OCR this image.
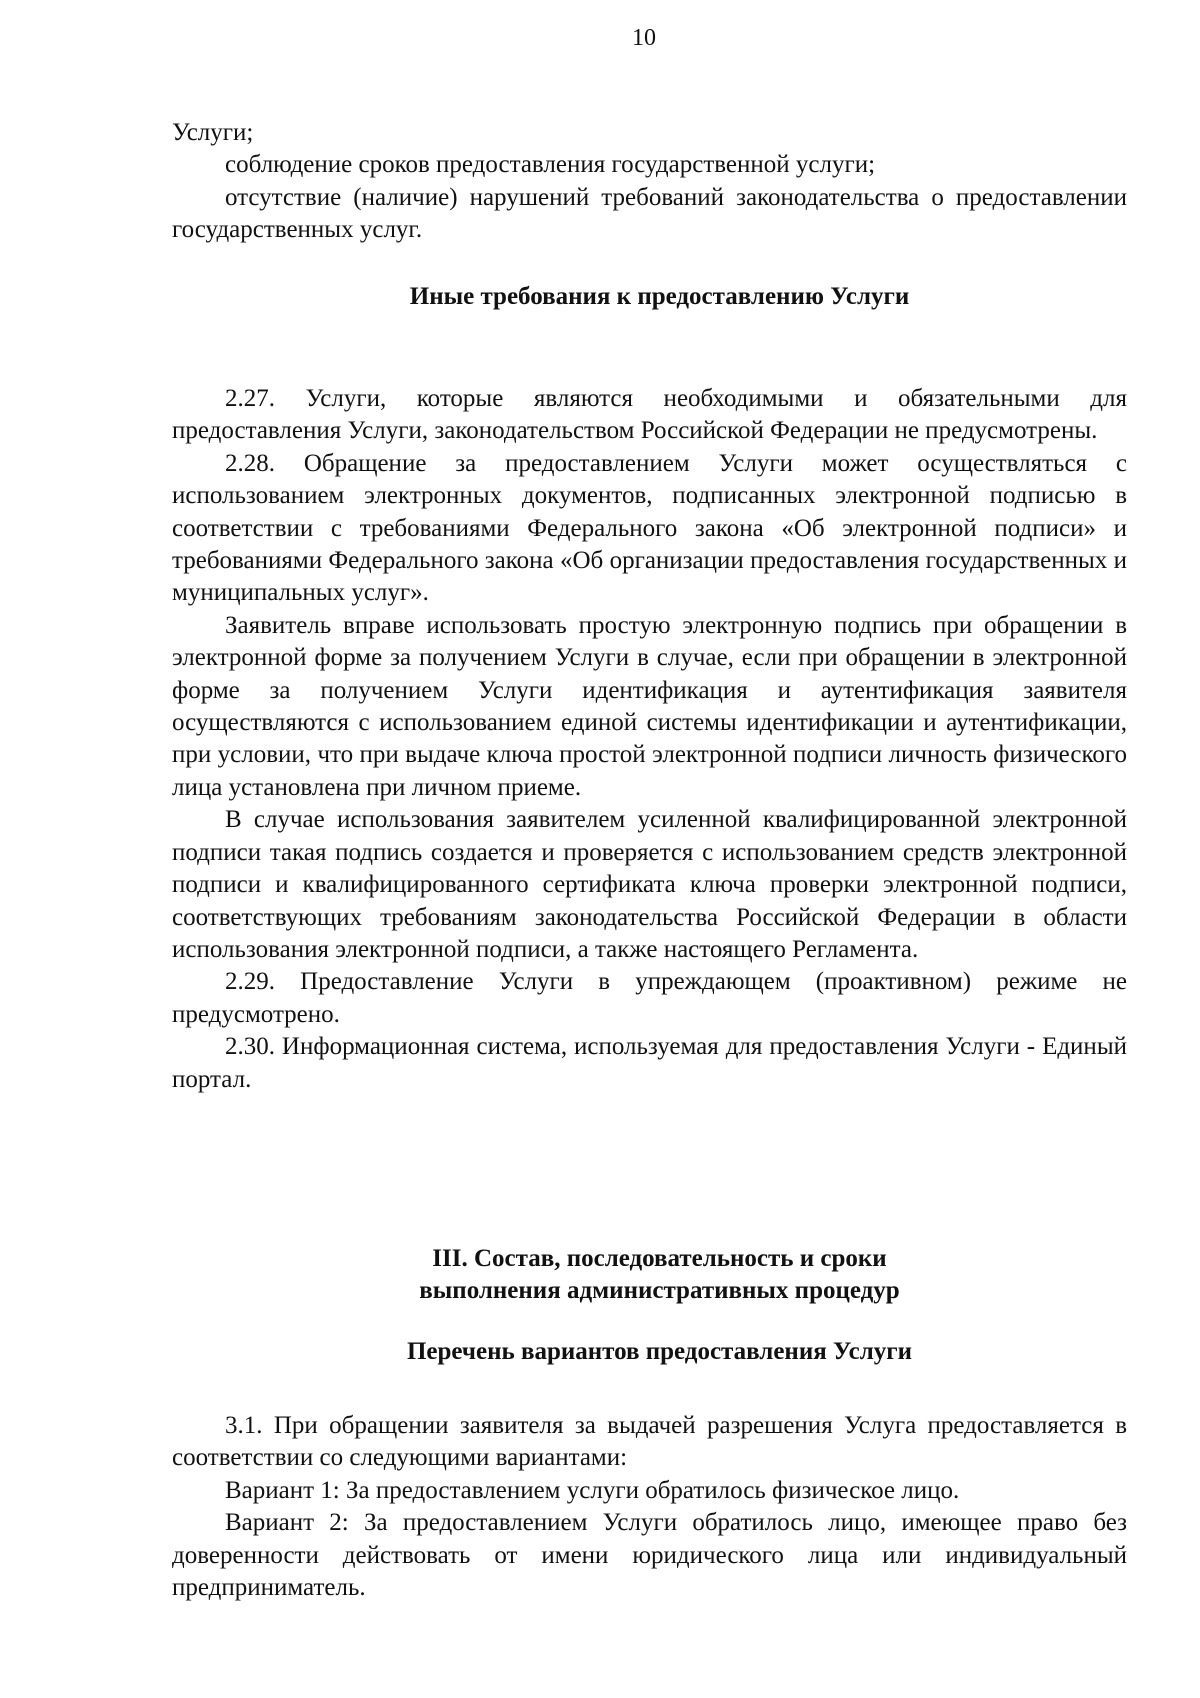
10

Услуги;

соблюдение сроков предоставления государственной услуги;

отсутствие (наличие) нарушений требований законодательства о предоставлении государственных услуг.

Иные требования к предоставлению Услуги

2.27. Услуги, которые являются необходимыми и обязательными для предоставления Услуги, законодательством Российской Федерации не предусмотрены.

2.28. Обращение за предоставлением Услуги может осуществляться с использованием электронных документов, подписанных электронной подписью в соответствии с требованиями Федерального закона «Об электронной подписи» и требованиями Федерального закона «Об организации предоставления государственных и муниципальных услуг».

Заявитель вправе использовать простую электронную подпись при обращении в электронной форме за получением Услуги в случае, если при обращении в электронной форме за получением Услуги идентификация и аутентификация заявителя осуществляются с использованием единой системы идентификации и аутентификации, при условии, что при выдаче ключа простой электронной подписи личность физического лица установлена при личном приеме.

В случае использования заявителем усиленной квалифицированной электронной подписи такая подпись создается и проверяется с использованием средств электронной подписи и квалифицированного сертификата ключа проверки электронной подписи, соответствующих требованиям законодательства Российской Федерации в области использования электронной подписи, а также настоящего Регламента.

2.29. Предоставление Услуги в упреждающем (проактивном) режиме не предусмотрено.

2.30. Информационная система, используемая для предоставления Услуги - Единый портал.

III. Состав, последовательность и сроки

выполнения административных процедур

Перечень вариантов предоставления Услуги

3.1. При обращении заявителя за выдачей разрешения Услуга предоставляется в соответствии со следующими вариантами:

Вариант 1: За предоставлением услуги обратилось физическое лицо.

Вариант 2: За предоставлением Услуги обратилось лицо, имеющее право без доверенности действовать от имени юридического лица или индивидуальный предприниматель.
